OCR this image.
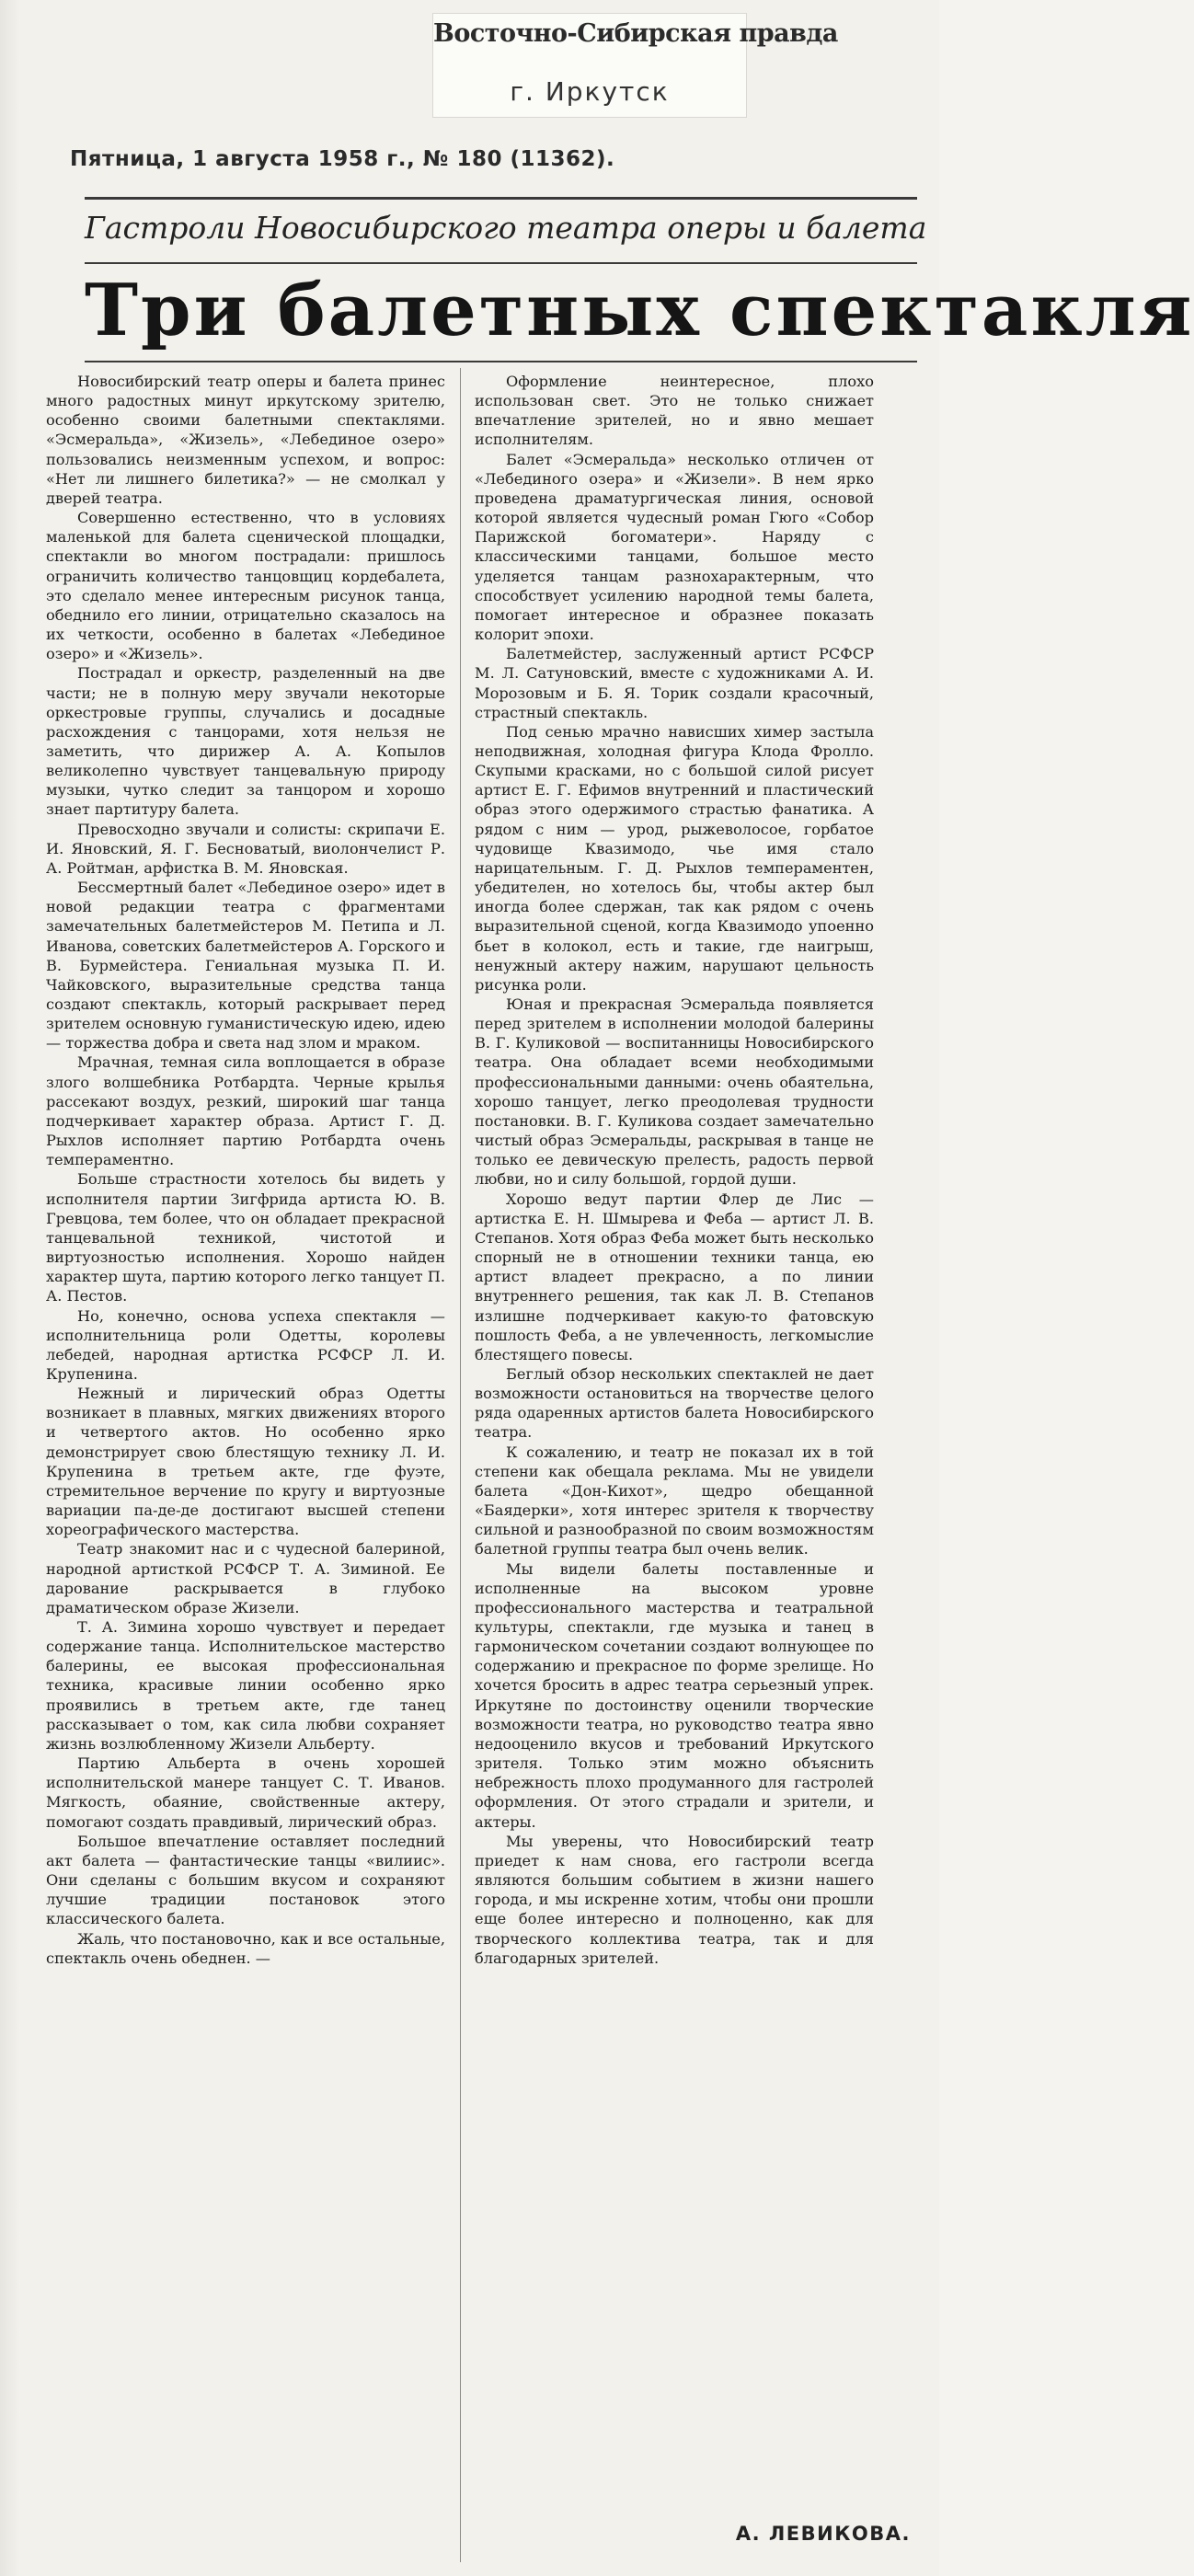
Восточно-Сибирская правда
г. Иркутск
Пятница, 1 августа 1958 г., № 180 (11362).
Гастроли Новосибирского театра оперы и балета
Три балетных спектакля

Новосибирский театр оперы и балета принес много радостных минут иркутскому зрителю, особенно своими балетными спектаклями. «Эсмеральда», «Жизель», «Лебединое озеро» пользовались неизменным успехом, и вопрос: «Нет ли лишнего билетика?» — не смолкал у дверей театра.

Совершенно естественно, что в условиях маленькой для балета сценической площадки, спектакли во многом пострадали: пришлось ограничить количество танцовщиц кордебалета, это сделало менее интересным рисунок танца, обеднило его линии, отрицательно сказалось на их четкости, особенно в балетах «Лебединое озеро» и «Жизель».

Пострадал и оркестр, разделенный на две части; не в полную меру звучали некоторые оркестровые группы, случались и досадные расхождения с танцорами, хотя нельзя не заметить, что дирижер А. А. Копылов великолепно чувствует танцевальную природу музыки, чутко следит за танцором и хорошо знает партитуру балета.

Превосходно звучали и солисты: скрипачи Е. И. Яновский, Я. Г. Бесноватый, виолончелист Р. А. Ройтман, арфистка В. М. Яновская.

Бессмертный балет «Лебединое озеро» идет в новой редакции театра с фрагментами замечательных балетмейстеров М. Петипа и Л. Иванова, советских балетмейстеров А. Горского и В. Бурмейстера. Гениальная музыка П. И. Чайковского, выразительные средства танца создают спектакль, который раскрывает перед зрителем основную гуманистическую идею, идею — торжества добра и света над злом и мраком.

Мрачная, темная сила воплощается в образе злого волшебника Ротбардта. Черные крылья рассекают воздух, резкий, широкий шаг танца подчеркивает характер образа. Артист Г. Д. Рыхлов исполняет партию Ротбардта очень темпераментно.

Больше страстности хотелось бы видеть у исполнителя партии Зигфрида артиста Ю. В. Гревцова, тем более, что он обладает прекрасной танцевальной техникой, чистотой и виртуозностью исполнения. Хорошо найден характер шута, партию которого легко танцует П. А. Пестов.

Но, конечно, основа успеха спектакля — исполнительница роли Одетты, королевы лебедей, народная артистка РСФСР Л. И. Крупенина.

Нежный и лирический образ Одетты возникает в плавных, мягких движениях второго и четвертого актов. Но особенно ярко демонстрирует свою блестящую технику Л. И. Крупенина в третьем акте, где фуэте, стремительное верчение по кругу и виртуозные вариации па-де-де достигают высшей степени хореографического мастерства.

Театр знакомит нас и с чудесной балериной, народной артисткой РСФСР Т. А. Зиминой. Ее дарование раскрывается в глубоко драматическом образе Жизели.

Т. А. Зимина хорошо чувствует и передает содержание танца. Исполнительское мастерство балерины, ее высокая профессиональная техника, красивые линии особенно ярко проявились в третьем акте, где танец рассказывает о том, как сила любви сохраняет жизнь возлюбленному Жизели Альберту.

Партию Альберта в очень хорошей исполнительской манере танцует С. Т. Иванов. Мягкость, обаяние, свойственные актеру, помогают создать правдивый, лирический образ.

Большое впечатление оставляет последний акт балета — фантастические танцы «вилиис». Они сделаны с большим вкусом и сохраняют лучшие традиции постановок этого классического балета.

Жаль, что постановочно, как и все остальные, спектакль очень обеднен. —

Оформление неинтересное, плохо использован свет. Это не только снижает впечатление зрителей, но и явно мешает исполнителям.

Балет «Эсмеральда» несколько отличен от «Лебединого озера» и «Жизели». В нем ярко проведена драматургическая линия, основой которой является чудесный роман Гюго «Собор Парижской богоматери». Наряду с классическими танцами, большое место уделяется танцам разнохарактерным, что способствует усилению народной темы балета, помогает интересное и образнее показать колорит эпохи.

Балетмейстер, заслуженный артист РСФСР М. Л. Сатуновский, вместе с художниками А. И. Морозовым и Б. Я. Торик создали красочный, страстный спектакль.

Под сенью мрачно нависших химер застыла неподвижная, холодная фигура Клода Фролло. Скупыми красками, но с большой силой рисует артист Е. Г. Ефимов внутренний и пластический образ этого одержимого страстью фанатика. А рядом с ним — урод, рыжеволосое, горбатое чудовище Квазимодо, чье имя стало нарицательным. Г. Д. Рыхлов темпераментен, убедителен, но хотелось бы, чтобы актер был иногда более сдержан, так как рядом с очень выразительной сценой, когда Квазимодо упоенно бьет в колокол, есть и такие, где наигрыш, ненужный актеру нажим, нарушают цельность рисунка роли.

Юная и прекрасная Эсмеральда появляется перед зрителем в исполнении молодой балерины В. Г. Куликовой — воспитанницы Новосибирского театра. Она обладает всеми необходимыми профессиональными данными: очень обаятельна, хорошо танцует, легко преодолевая трудности постановки. В. Г. Куликова создает замечательно чистый образ Эсмеральды, раскрывая в танце не только ее девическую прелесть, радость первой любви, но и силу большой, гордой души.

Хорошо ведут партии Флер де Лис — артистка Е. Н. Шмырева и Феба — артист Л. В. Степанов. Хотя образ Феба может быть несколько спорный не в отношении техники танца, ею артист владеет прекрасно, а по линии внутреннего решения, так как Л. В. Степанов излишне подчеркивает какую-то фатовскую пошлость Феба, а не увлеченность, легкомыслие блестящего повесы.

Беглый обзор нескольких спектаклей не дает возможности остановиться на творчестве целого ряда одаренных артистов балета Новосибирского театра.

К сожалению, и театр не показал их в той степени как обещала реклама. Мы не увидели балета «Дон-Кихот», щедро обещанной «Баядерки», хотя интерес зрителя к творчеству сильной и разнообразной по своим возможностям балетной группы театра был очень велик.

Мы видели балеты поставленные и исполненные на высоком уровне профессионального мастерства и театральной культуры, спектакли, где музыка и танец в гармоническом сочетании создают волнующее по содержанию и прекрасное по форме зрелище. Но хочется бросить в адрес театра серьезный упрек. Иркутяне по достоинству оценили творческие возможности театра, но руководство театра явно недооценило вкусов и требований Иркутского зрителя. Только этим можно объяснить небрежность плохо продуманного для гастролей оформления. От этого страдали и зрители, и актеры.

Мы уверены, что Новосибирский театр приедет к нам снова, его гастроли всегда являются большим событием в жизни нашего города, и мы искренне хотим, чтобы они прошли еще более интересно и полноценно, как для творческого коллектива театра, так и для благодарных зрителей.

А. ЛЕВИКОВА.
